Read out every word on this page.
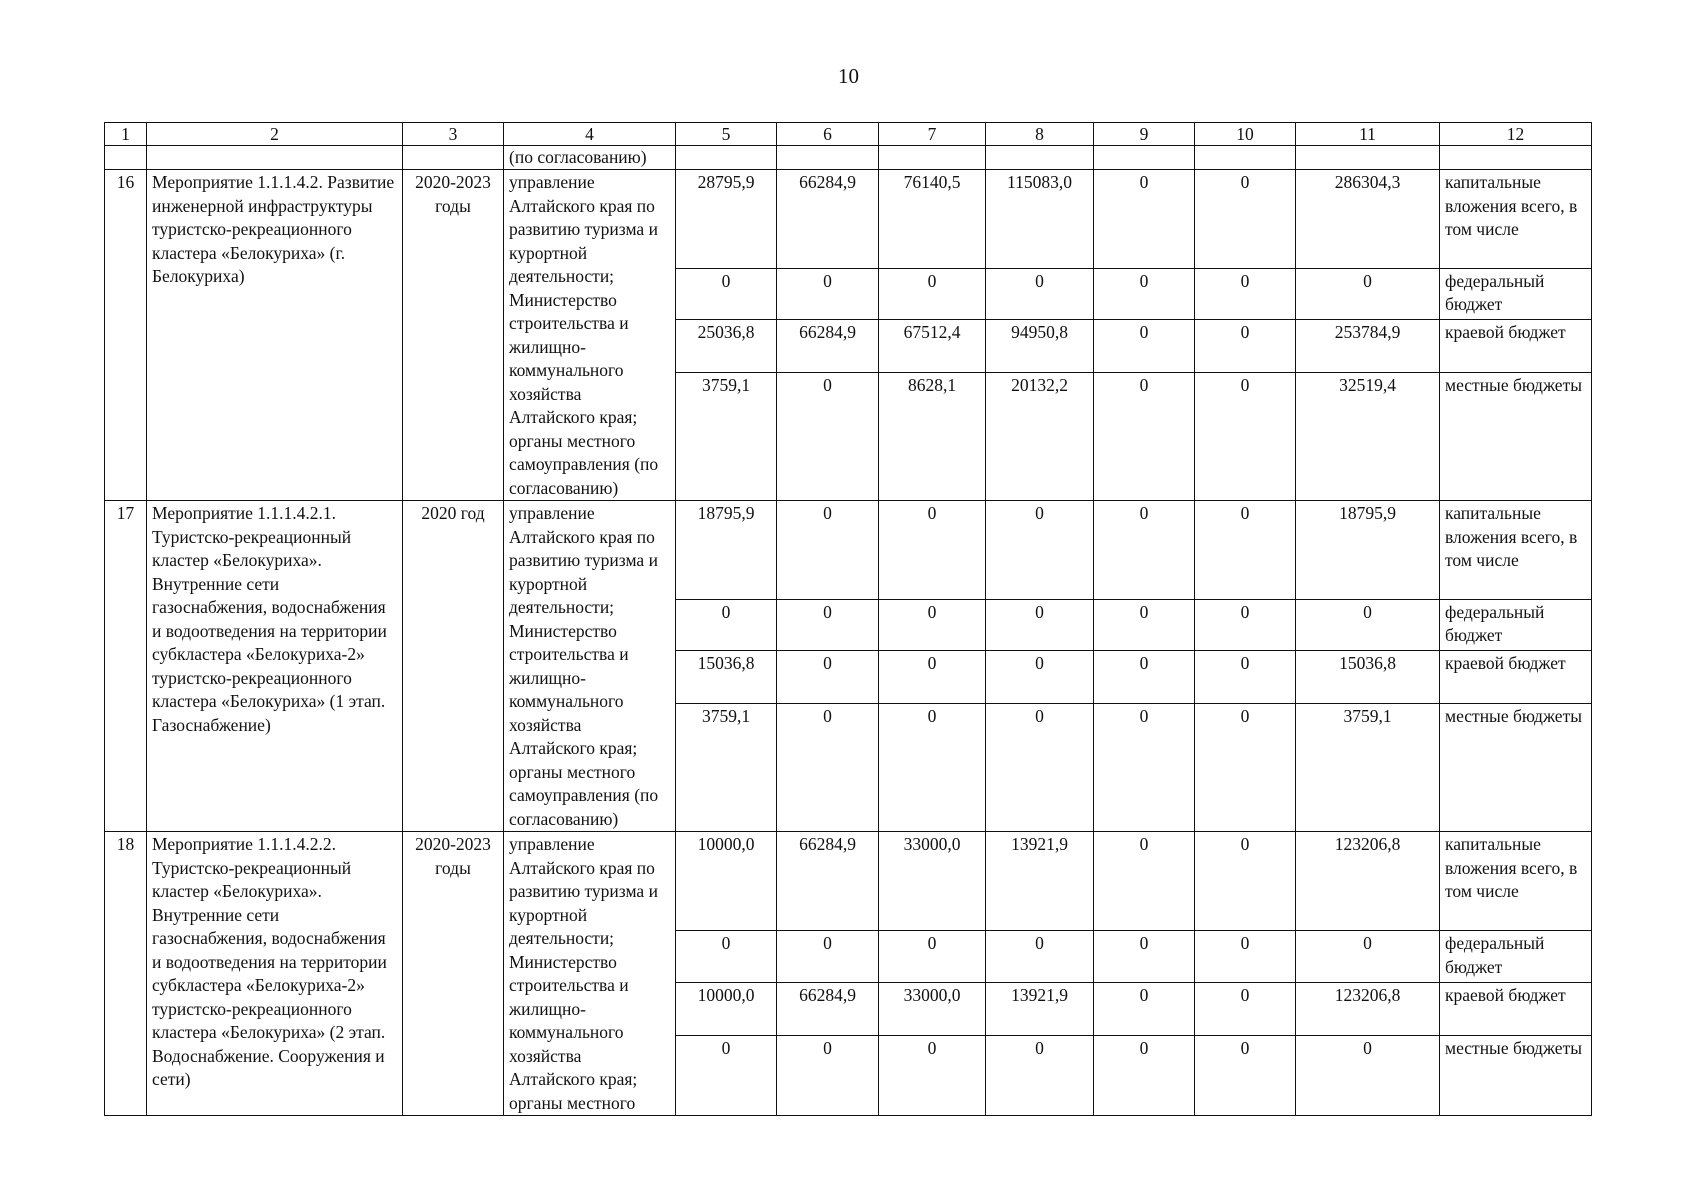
10
1	2	3	4	5	6	7	8	9	10	11	12
			(по согласованию)								
16	Мероприятие 1.1.1.4.2. Развитие инженерной инфраструктуры туристско-рекреационного кластера «Белокуриха» (г. Белокуриха)	2020-2023 годы	управление Алтайского края по развитию туризма и курортной деятельности; Министерство строительства и жилищно-коммунального хозяйства Алтайского края; органы местного самоуправления (по согласованию)	28795,9	66284,9	76140,5	115083,0	0	0	286304,3	капитальные вложения всего, в том числе
				0	0	0	0	0	0	0	федеральный бюджет
				25036,8	66284,9	67512,4	94950,8	0	0	253784,9	краевой бюджет
				3759,1	0	8628,1	20132,2	0	0	32519,4	местные бюджеты
17	Мероприятие 1.1.1.4.2.1. Туристско-рекреационный кластер «Белокуриха». Внутренние сети газоснабжения, водоснабжения и водоотведения на территории субкластера «Белокуриха-2» туристско-рекреационного кластера «Белокуриха» (1 этап. Газоснабжение)	2020 год	управление Алтайского края по развитию туризма и курортной деятельности; Министерство строительства и жилищно-коммунального хозяйства Алтайского края; органы местного самоуправления (по согласованию)	18795,9	0	0	0	0	0	18795,9	капитальные вложения всего, в том числе
				0	0	0	0	0	0	0	федеральный бюджет
				15036,8	0	0	0	0	0	15036,8	краевой бюджет
				3759,1	0	0	0	0	0	3759,1	местные бюджеты
18	Мероприятие 1.1.1.4.2.2. Туристско-рекреационный кластер «Белокуриха». Внутренние сети газоснабжения, водоснабжения и водоотведения на территории субкластера «Белокуриха-2» туристско-рекреационного кластера «Белокуриха» (2 этап. Водоснабжение. Сооружения и сети)	2020-2023 годы	управление Алтайского края по развитию туризма и курортной деятельности; Министерство строительства и жилищно-коммунального хозяйства Алтайского края; органы местного	10000,0	66284,9	33000,0	13921,9	0	0	123206,8	капитальные вложения всего, в том числе
				0	0	0	0	0	0	0	федеральный бюджет
				10000,0	66284,9	33000,0	13921,9	0	0	123206,8	краевой бюджет
				0	0	0	0	0	0	0	местные бюджеты
